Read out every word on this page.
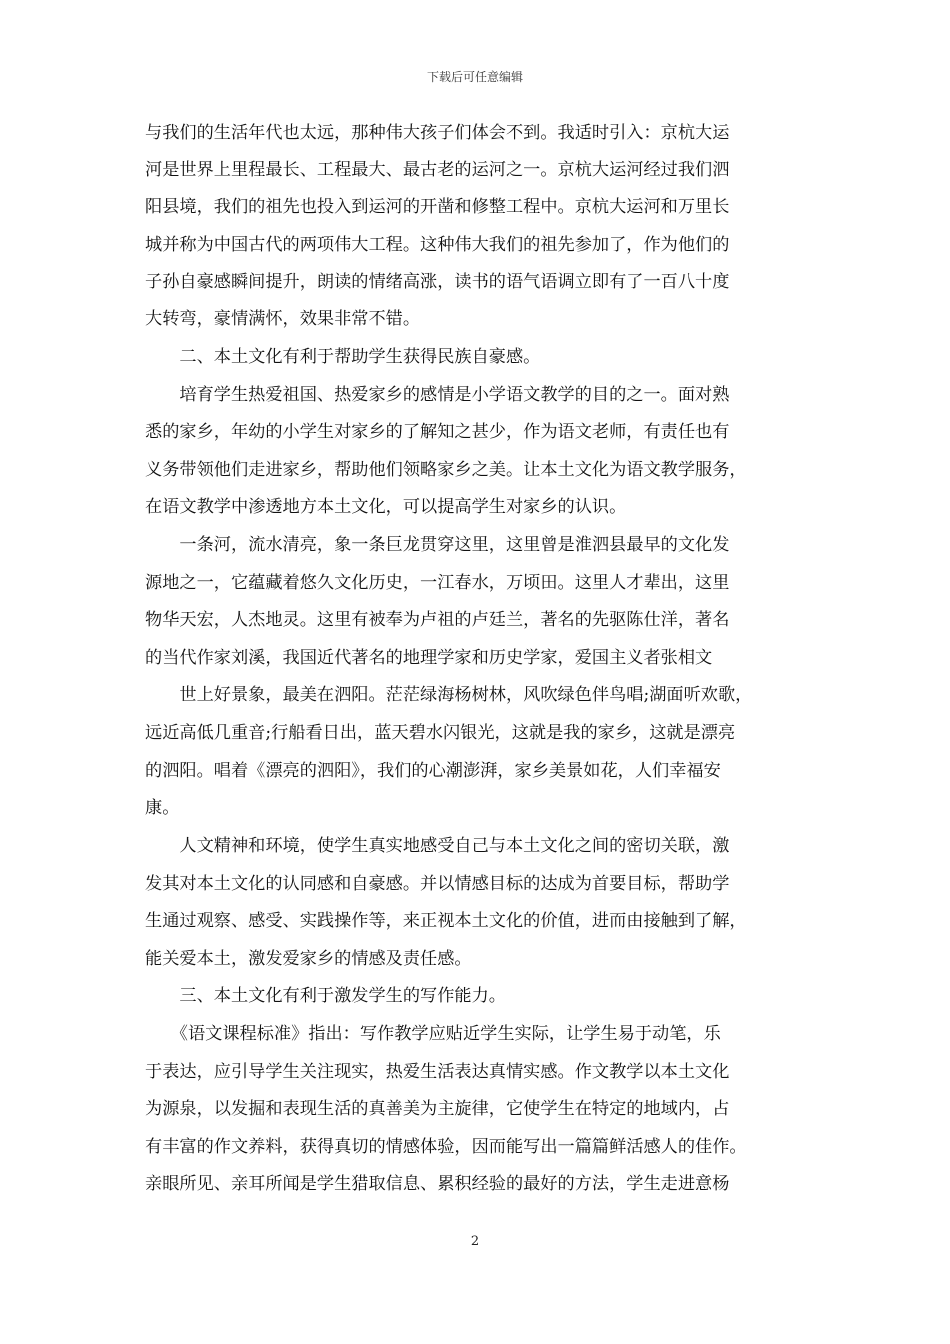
下载后可任意编辑
与我们的生活年代也太远，那种伟大孩子们体会不到。我适时引入：京杭大运
河是世界上里程最长、工程最大、最古老的运河之一。京杭大运河经过我们泗
阳县境，我们的祖先也投入到运河的开凿和修整工程中。京杭大运河和万里长
城并称为中国古代的两项伟大工程。这种伟大我们的祖先参加了，作为他们的
子孙自豪感瞬间提升，朗读的情绪高涨，读书的语气语调立即有了一百八十度
大转弯，豪情满怀，效果非常不错。
　　二、本土文化有利于帮助学生获得民族自豪感。
　　培育学生热爱祖国、热爱家乡的感情是小学语文教学的目的之一。面对熟
悉的家乡，年幼的小学生对家乡的了解知之甚少，作为语文老师，有责任也有
义务带领他们走进家乡，帮助他们领略家乡之美。让本土文化为语文教学服务，
在语文教学中渗透地方本土文化，可以提高学生对家乡的认识。
　　一条河，流水清亮，象一条巨龙贯穿这里，这里曾是淮泗县最早的文化发
源地之一，它蕴藏着悠久文化历史，一江春水，万顷田。这里人才辈出，这里
物华天宏，人杰地灵。这里有被奉为卢祖的卢廷兰，著名的先驱陈仕洋，著名
的当代作家刘溪，我国近代著名的地理学家和历史学家，爱国主义者张相文
　　世上好景象，最美在泗阳。茫茫绿海杨树林，风吹绿色伴鸟唱;湖面听欢歌，
远近高低几重音;行船看日出，蓝天碧水闪银光，这就是我的家乡，这就是漂亮
的泗阳。唱着《漂亮的泗阳》，我们的心潮澎湃，家乡美景如花，人们幸福安
康。
　　人文精神和环境，使学生真实地感受自己与本土文化之间的密切关联，激
发其对本土文化的认同感和自豪感。并以情感目标的达成为首要目标，帮助学
生通过观察、感受、实践操作等，来正视本土文化的价值，进而由接触到了解，
能关爱本土，激发爱家乡的情感及责任感。
　　三、本土文化有利于激发学生的写作能力。
　　《语文课程标准》指出：写作教学应贴近学生实际，让学生易于动笔，乐
于表达，应引导学生关注现实，热爱生活表达真情实感。作文教学以本土文化
为源泉，以发掘和表现生活的真善美为主旋律，它使学生在特定的地域内，占
有丰富的作文养料，获得真切的情感体验，因而能写出一篇篇鲜活感人的佳作。
亲眼所见、亲耳所闻是学生猎取信息、累积经验的最好的方法，学生走进意杨
2
